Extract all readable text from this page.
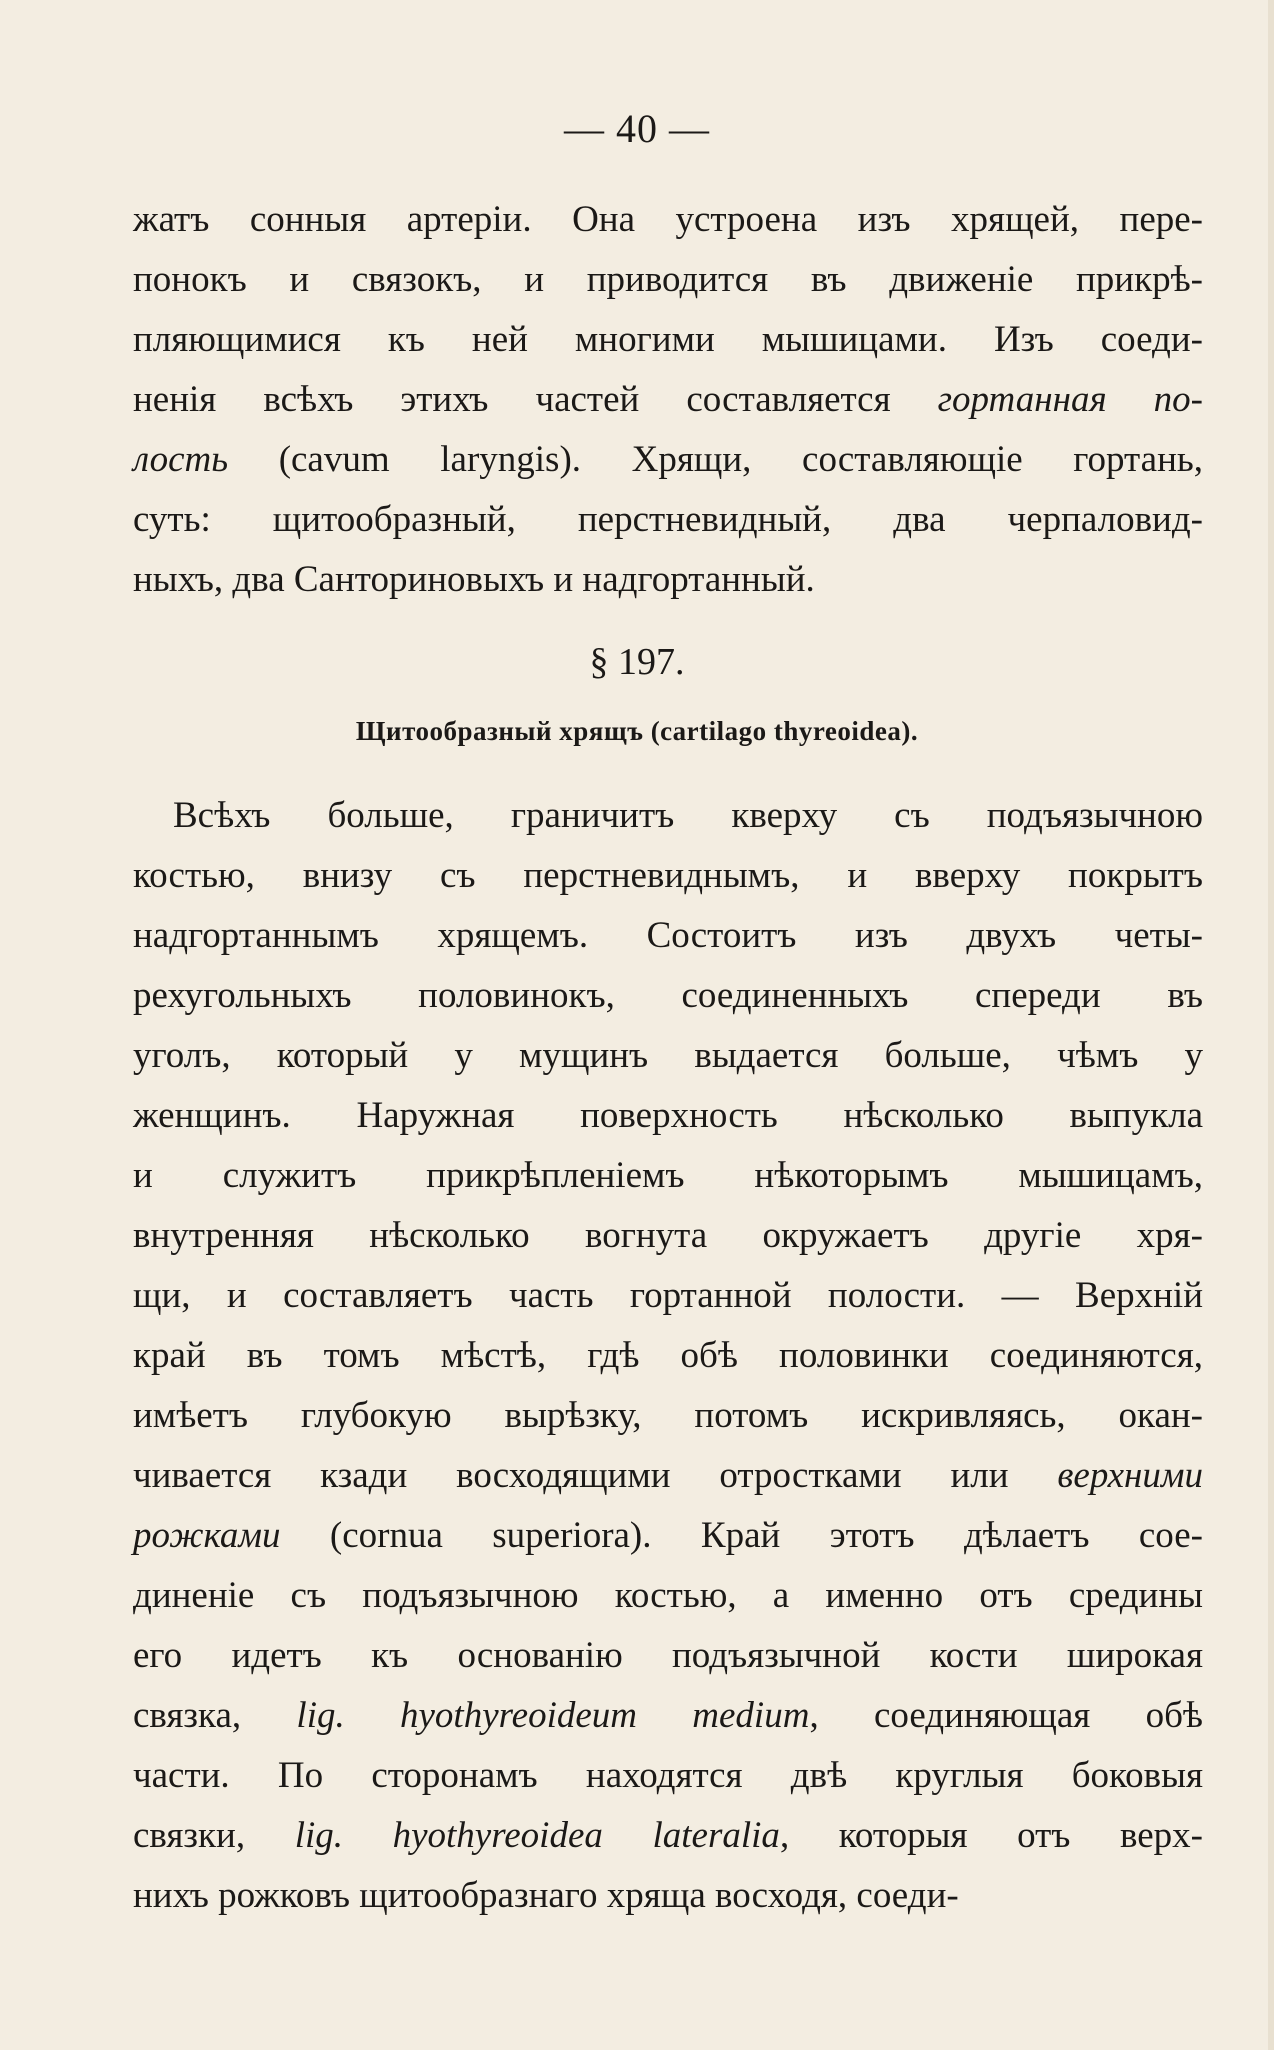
— 40 —
жатъ сонныя артеріи. Она устроена изъ хрящей, пере-
понокъ и связокъ, и приводится въ движеніе прикрѣ-
пляющимися къ ней многими мышицами. Изъ соеди-
ненія всѣхъ этихъ частей составляется гортанная по-
лость (cavum laryngis). Хрящи, составляющіе гортань,
суть: щитообразный, перстневидный, два черпаловид-
ныхъ, два Санториновыхъ и надгортанный.
§ 197.
Щитообразный хрящъ (cartilago thyreoidea).
Всѣхъ больше, граничитъ кверху съ подъязычною
костью, внизу съ перстневиднымъ, и вверху покрытъ
надгортаннымъ хрящемъ. Состоитъ изъ двухъ четы-
рехугольныхъ половинокъ, соединенныхъ спереди въ
уголъ, который у мущинъ выдается больше, чѣмъ у
женщинъ. Наружная поверхность нѣсколько выпукла
и служитъ прикрѣпленіемъ нѣкоторымъ мышицамъ,
внутренняя нѣсколько вогнута окружаетъ другіе хря-
щи, и составляетъ часть гортанной полости. — Верхній
край въ томъ мѣстѣ, гдѣ обѣ половинки соединяются,
имѣетъ глубокую вырѣзку, потомъ искривляясь, окан-
чивается кзади восходящими отростками или верхними
рожками (cornua superiora). Край этотъ дѣлаетъ сое-
диненіе съ подъязычною костью, а именно отъ средины
его идетъ къ основанію подъязычной кости широкая
связка, lig. hyothyreoideum medium, соединяющая обѣ
части. По сторонамъ находятся двѣ круглыя боковыя
связки, lig. hyothyreoidea lateralia, которыя отъ верх-
нихъ рожковъ щитообразнаго хряща восходя, соеди-
